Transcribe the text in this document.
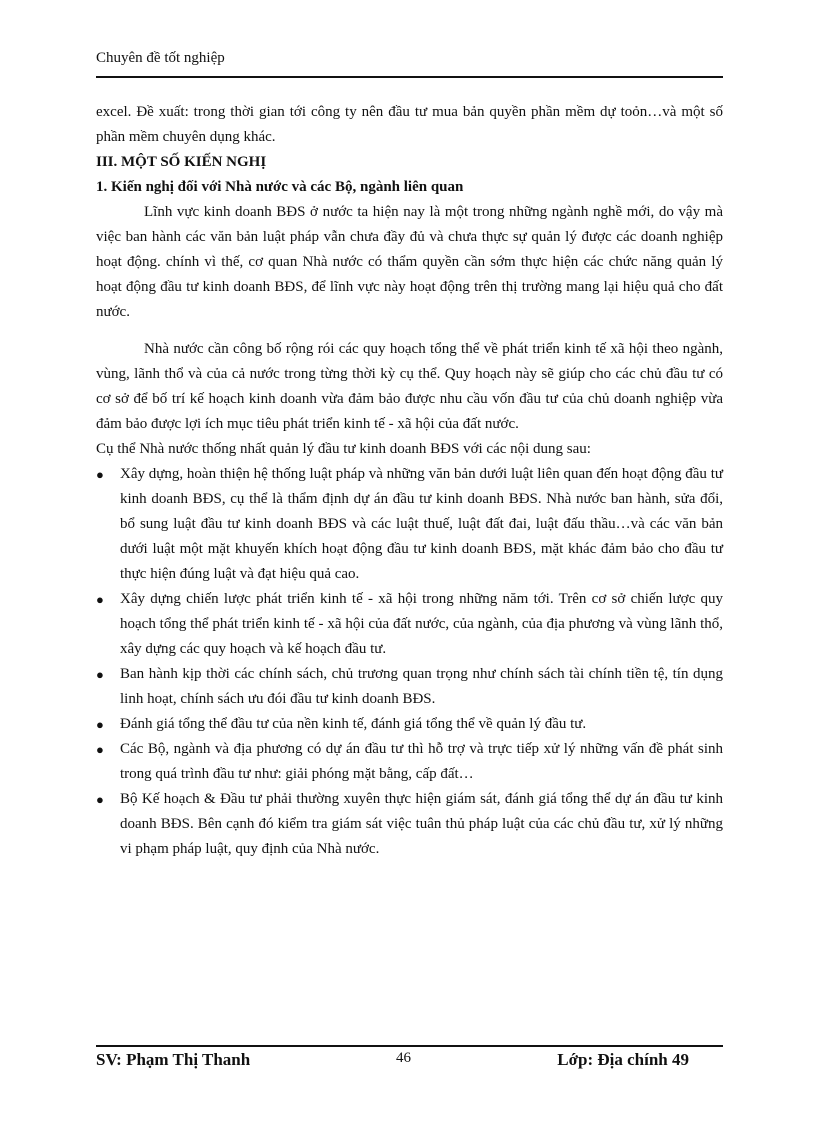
Chuyên đề tốt nghiệp

excel. Đề xuất: trong thời gian tới công ty nên đầu tư mua bản quyền phần mềm dự toỏn…và một số phần mềm chuyên dụng khác.

III. MỘT SỐ KIẾN NGHỊ

1. Kiến nghị đối với Nhà nước và các Bộ, ngành liên quan

Lĩnh vực kinh doanh BĐS ở nước ta hiện nay là một trong những ngành nghề mới, do vậy mà việc ban hành các văn bản luật pháp vẫn chưa đầy đủ và chưa thực sự quản lý được các doanh nghiệp hoạt động. chính vì thế, cơ quan Nhà nước có thẩm quyền cần sớm thực hiện các chức năng quản lý hoạt động đầu tư kinh doanh BĐS, để lĩnh vực này hoạt động trên thị trường mang lại hiệu quả cho đất nước.

Nhà nước cần công bố rộng rói các quy hoạch tổng thể về phát triển kinh tế xã hội theo ngành, vùng, lãnh thổ và của cả nước trong từng thời kỳ cụ thể. Quy hoạch này sẽ giúp cho các chủ đầu tư có cơ sở để bố trí kế hoạch kinh doanh vừa đảm bảo được nhu cầu vốn đầu tư của chủ doanh nghiệp vừa đảm bảo được lợi ích mục tiêu phát triển kinh tế - xã hội của đất nước.

Cụ thể Nhà nước thống nhất quản lý đầu tư kinh doanh BĐS với các nội dung sau:

●	Xây dựng, hoàn thiện hệ thống luật pháp và những văn bản dưới luật liên quan đến hoạt động đầu tư kinh doanh BĐS, cụ thể là thẩm định dự án đầu tư kinh doanh BĐS. Nhà nước ban hành, sửa đổi, bổ sung luật đầu tư kinh doanh BĐS và các luật thuế, luật đất đai, luật đấu thầu…và các văn bản dưới luật một mặt khuyến khích hoạt động đầu tư kinh doanh BĐS, mặt khác đảm bảo cho đầu tư thực hiện đúng luật và đạt hiệu quả cao.
●	Xây dựng chiến lược phát triển kinh tế - xã hội trong những năm tới. Trên cơ sở chiến lược quy hoạch tổng thể phát triển kinh tế - xã hội của đất nước, của ngành, của địa phương và vùng lãnh thổ, xây dựng các quy hoạch và kế hoạch đầu tư.
●	Ban hành kịp thời các chính sách, chủ trương quan trọng như chính sách tài chính tiền tệ, tín dụng linh hoạt, chính sách ưu đói đầu tư kinh doanh BĐS.
●	Đánh giá tổng thể đầu tư của nền kinh tế, đánh giá tổng thể về quản lý đầu tư.
●	Các Bộ, ngành và địa phương có dự án đầu tư thì hỗ trợ và trực tiếp xử lý những vấn đề phát sinh trong quá trình đầu tư như: giải phóng mặt bằng, cấp đất…
●	Bộ Kế hoạch & Đầu tư phải thường xuyên thực hiện giám sát, đánh giá tổng thể dự án đầu tư kinh doanh BĐS. Bên cạnh đó kiểm tra giám sát việc tuân thủ pháp luật của các chủ đầu tư, xử lý những vi phạm pháp luật, quy định của Nhà nước.
SV: Phạm Thị Thanh	46	Lớp: Địa chính 49
